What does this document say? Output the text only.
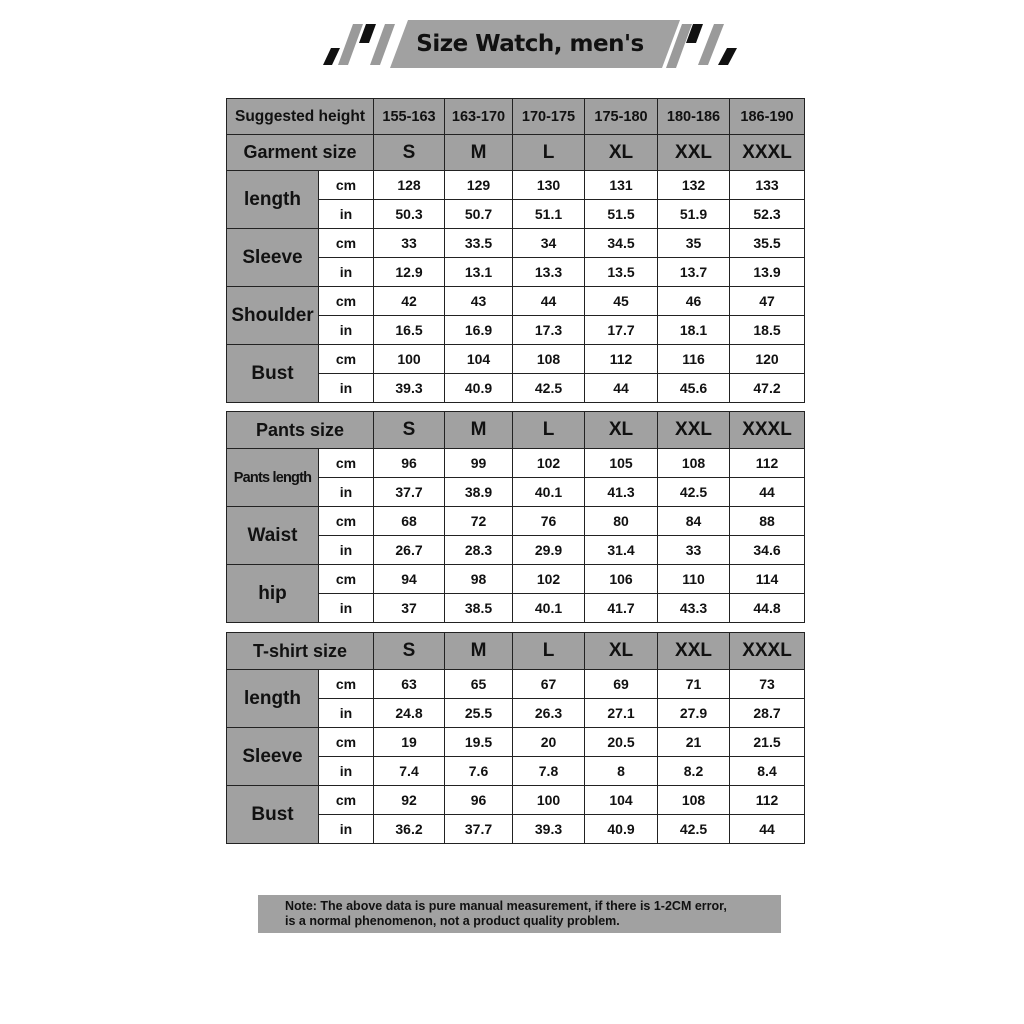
Size Watch, men's
Suggested height		155-163	163-170	170-175	175-180	180-186	186-190
Garment size		S	M	L	XL	XXL	XXXL
length	cm	128	129	130	131	132	133
	in	50.3	50.7	51.1	51.5	51.9	52.3
Sleeve	cm	33	33.5	34	34.5	35	35.5
	in	12.9	13.1	13.3	13.5	13.7	13.9
Shoulder	cm	42	43	44	45	46	47
	in	16.5	16.9	17.3	17.7	18.1	18.5
Bust	cm	100	104	108	112	116	120
	in	39.3	40.9	42.5	44	45.6	47.2
Pants size		S	M	L	XL	XXL	XXXL
Pants length	cm	96	99	102	105	108	112
	in	37.7	38.9	40.1	41.3	42.5	44
Waist	cm	68	72	76	80	84	88
	in	26.7	28.3	29.9	31.4	33	34.6
hip	cm	94	98	102	106	110	114
	in	37	38.5	40.1	41.7	43.3	44.8
T-shirt size		S	M	L	XL	XXL	XXXL
length	cm	63	65	67	69	71	73
	in	24.8	25.5	26.3	27.1	27.9	28.7
Sleeve	cm	19	19.5	20	20.5	21	21.5
	in	7.4	7.6	7.8	8	8.2	8.4
Bust	cm	92	96	100	104	108	112
	in	36.2	37.7	39.3	40.9	42.5	44
Note: The above data is pure manual measurement, if there is 1-2CM error,
is a normal phenomenon, not a product quality problem.
